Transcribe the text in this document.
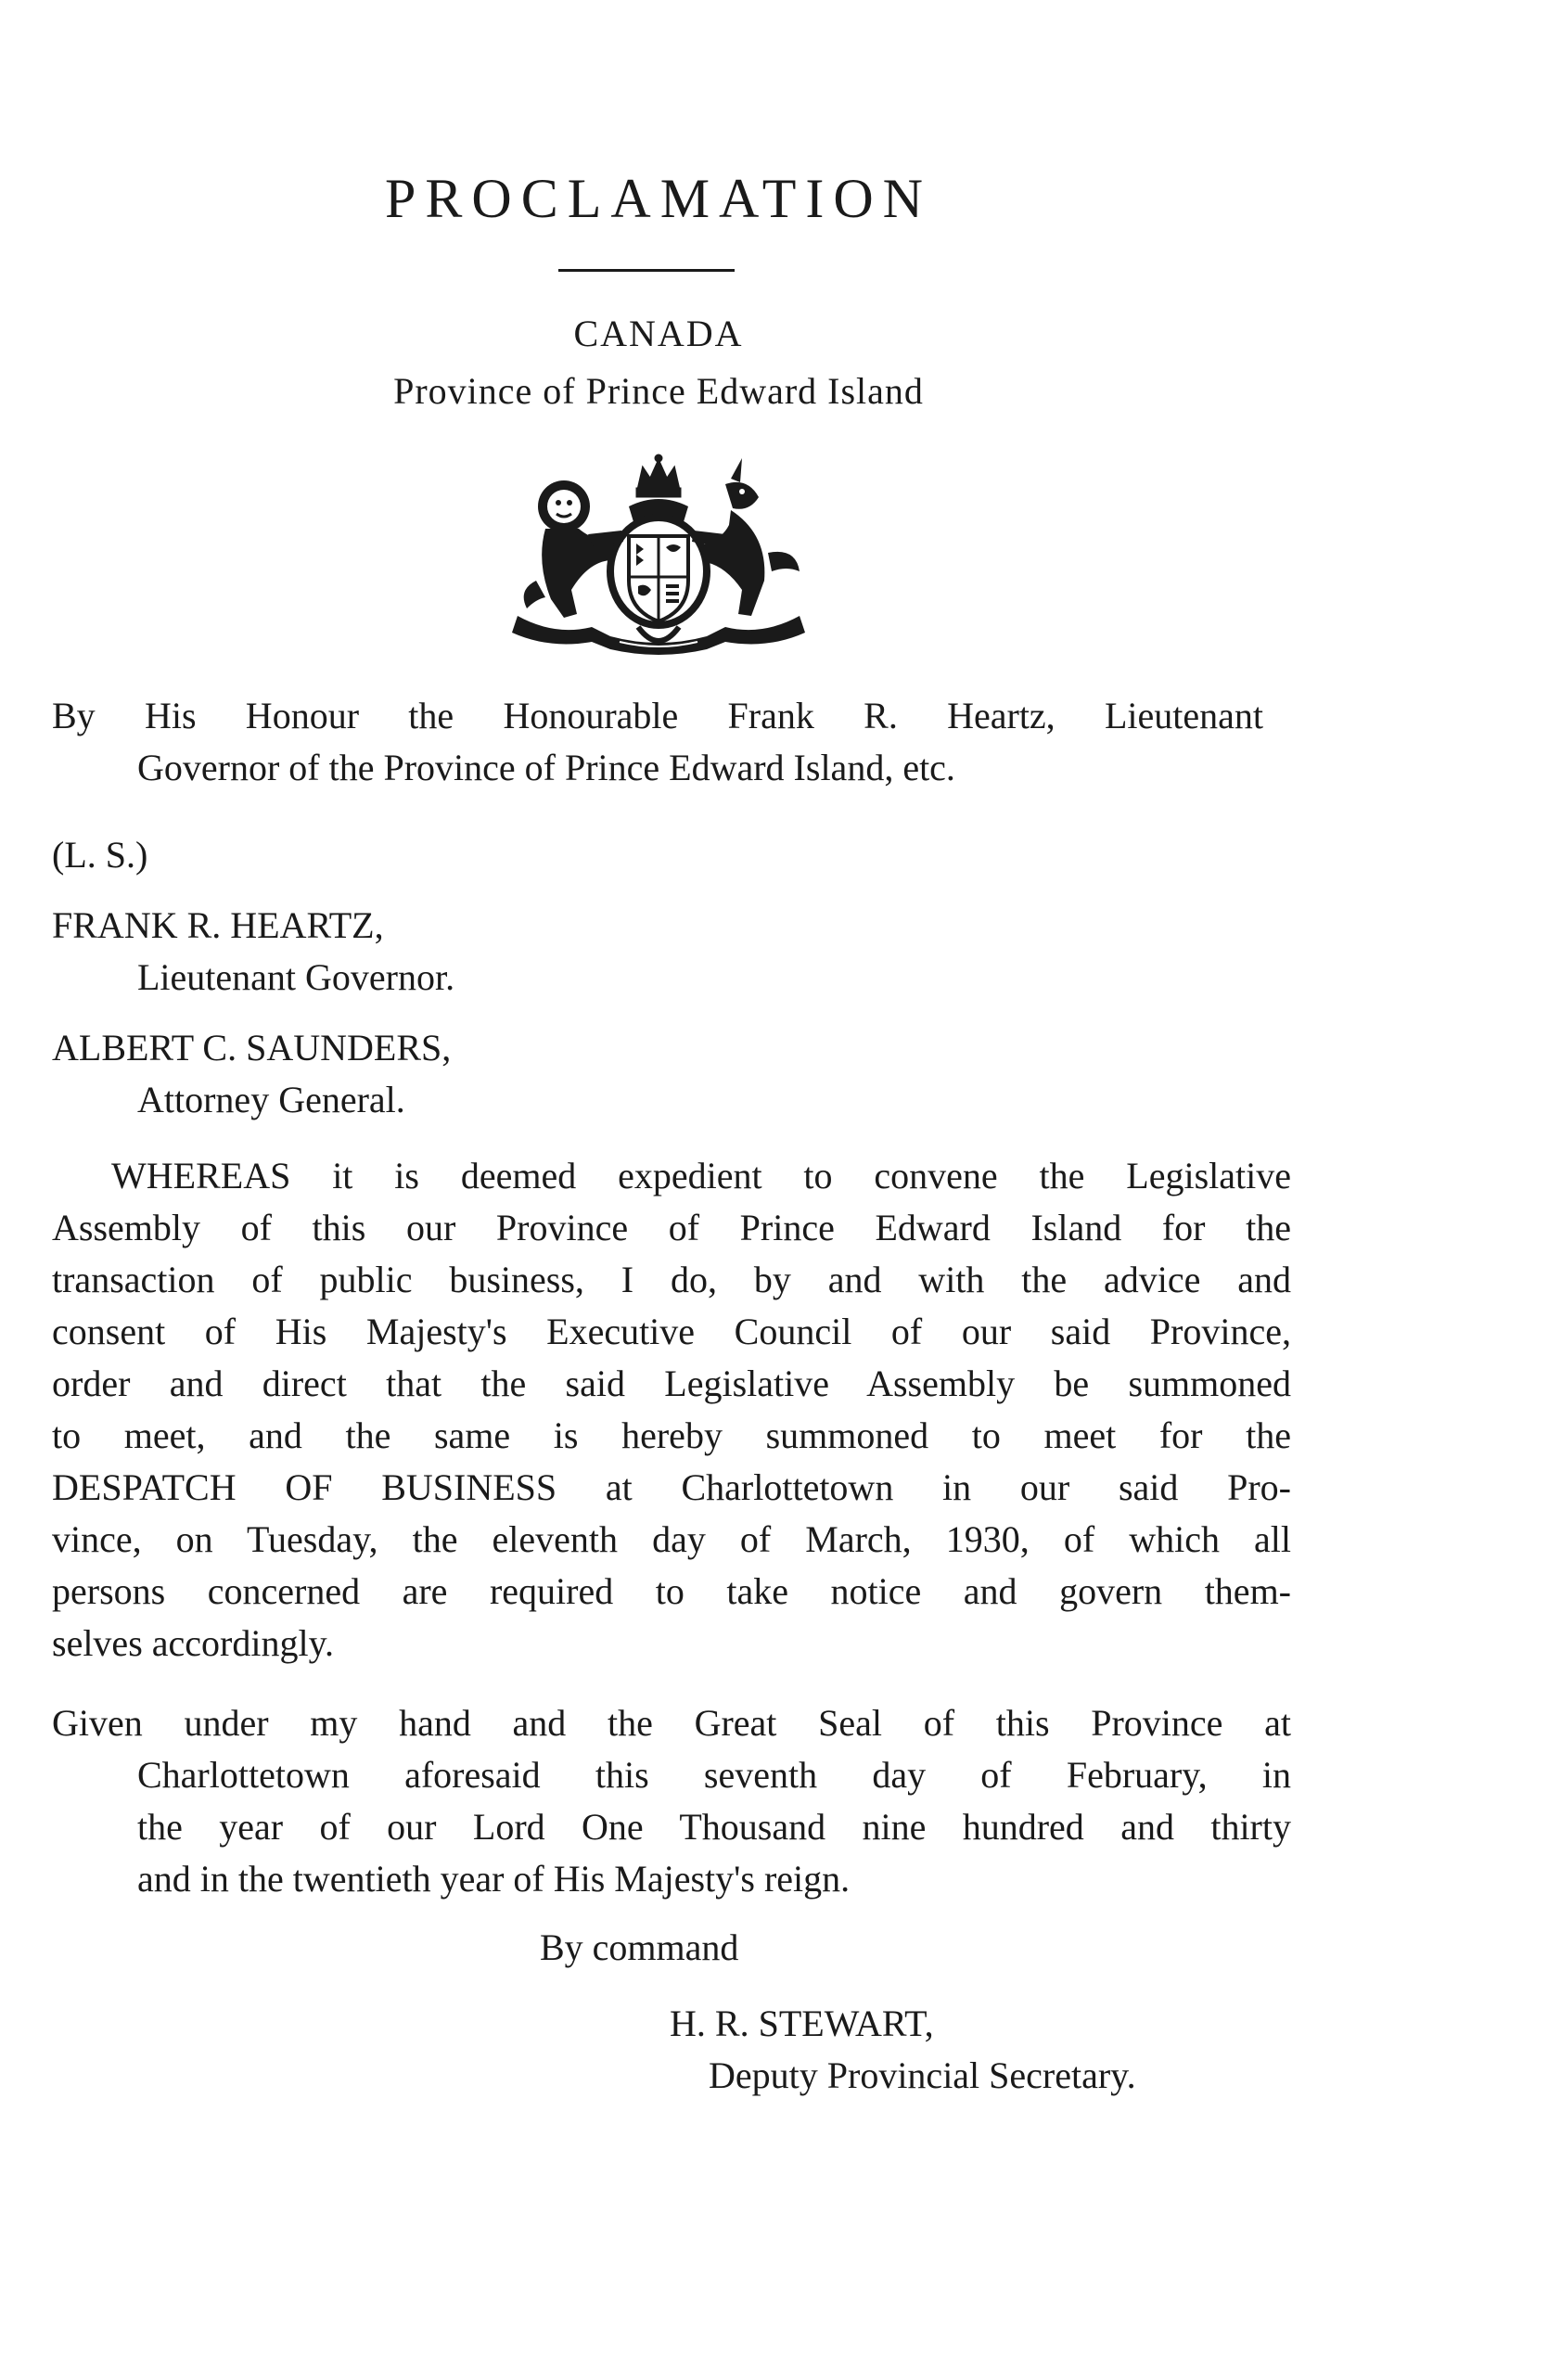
PROCLAMATION
CANADA
Province of Prince Edward Island
By His Honour the Honourable Frank R. Heartz, Lieutenant
Governor of the Province of Prince Edward Island, etc.
(L. S.)
FRANK R. HEARTZ,
Lieutenant Governor.
ALBERT C. SAUNDERS,
Attorney General.
WHEREAS it is deemed expedient to convene the Legislative
Assembly of this our Province of Prince Edward Island for the
transaction of public business, I do, by and with the advice and
consent of His Majesty's Executive Council of our said Province,
order and direct that the said Legislative Assembly be summoned
to meet, and the same is hereby summoned to meet for the
DESPATCH OF BUSINESS at Charlottetown in our said Pro-
vince, on Tuesday, the eleventh day of March, 1930, of which all
persons concerned are required to take notice and govern them-
selves accordingly.
Given under my hand and the Great Seal of this Province at
Charlottetown aforesaid this seventh day of February, in
the year of our Lord One Thousand nine hundred and thirty
and in the twentieth year of His Majesty's reign.
By command
H. R. STEWART,
Deputy Provincial Secretary.
